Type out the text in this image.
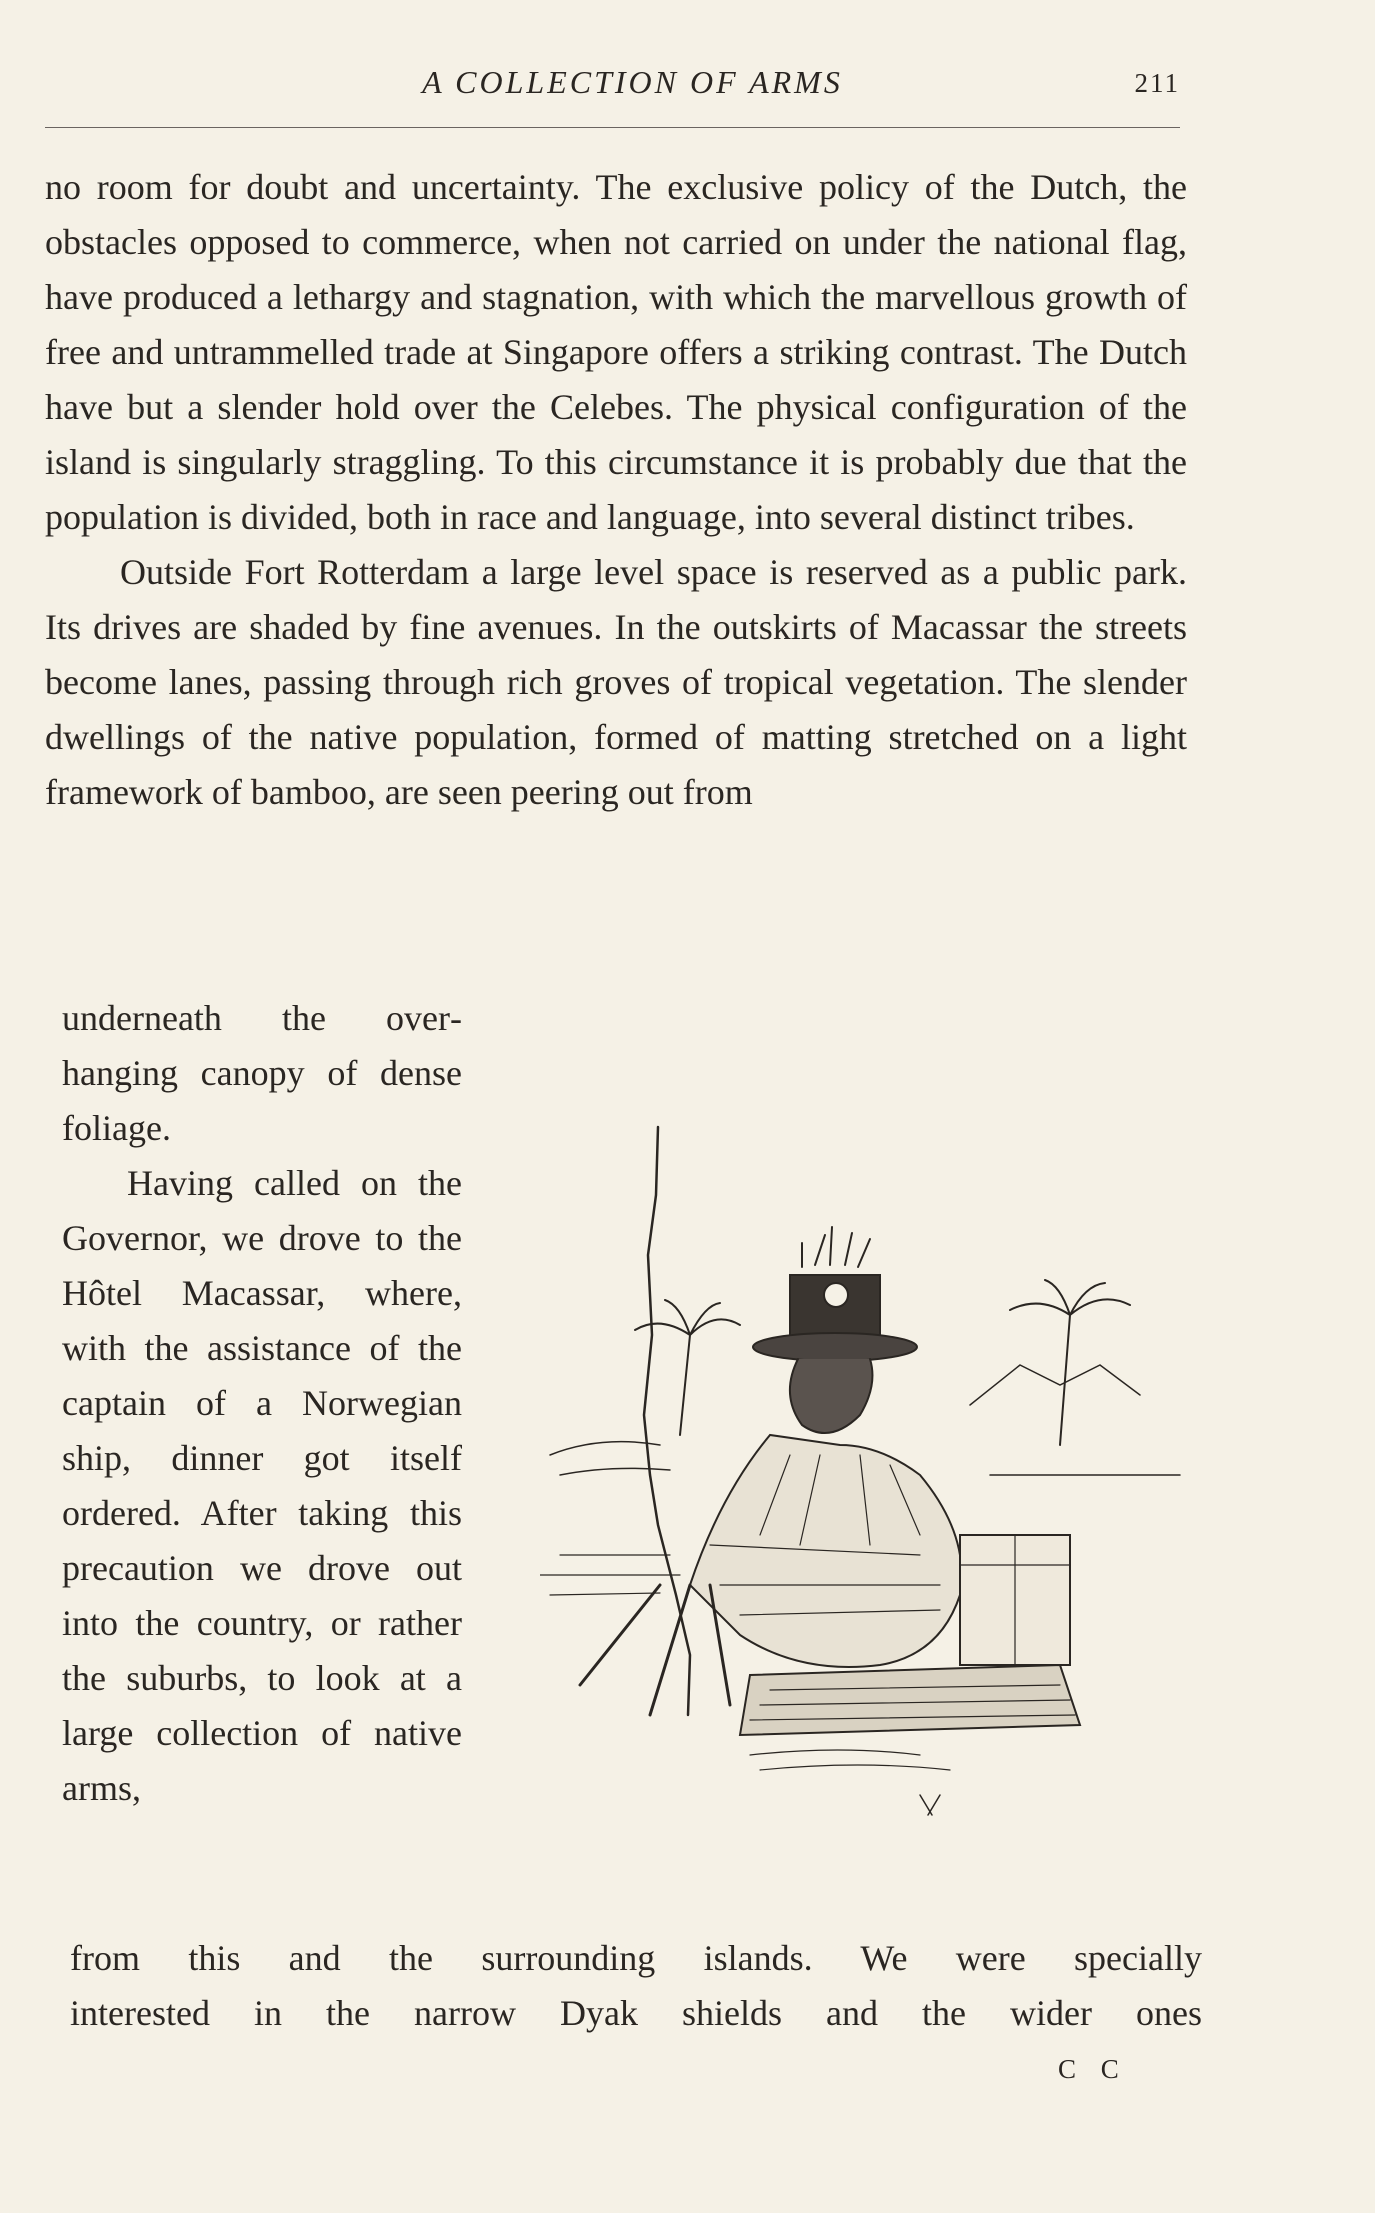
A COLLECTION OF ARMS	211

no room for doubt and uncertainty. The exclusive policy of the Dutch, the obstacles opposed to commerce, when not carried on under the national flag, have produced a lethargy and stagnation, with which the marvellous growth of free and untrammelled trade at Singapore offers a striking contrast. The Dutch have but a slender hold over the Celebes. The physical configuration of the island is singularly straggling. To this circumstance it is probably due that the population is divided, both in race and language, into several distinct tribes.

Outside Fort Rotterdam a large level space is reserved as a public park. Its drives are shaded by fine avenues. In the outskirts of Macassar the streets become lanes, passing through rich groves of tropical vegetation. The slender dwellings of the native population, formed of matting stretched on a light framework of bamboo, are seen peering out from

underneath the overhanging canopy of dense foliage.

Having called on the Governor, we drove to the Hôtel Macassar, where, with the assistance of the captain of a Norwegian ship, dinner got itself ordered. After taking this precaution we drove out into the country, or rather the suburbs, to look at a large collection of native arms,

from this and the surrounding islands. We were specially

interested in the narrow Dyak shields and the wider ones

C C
